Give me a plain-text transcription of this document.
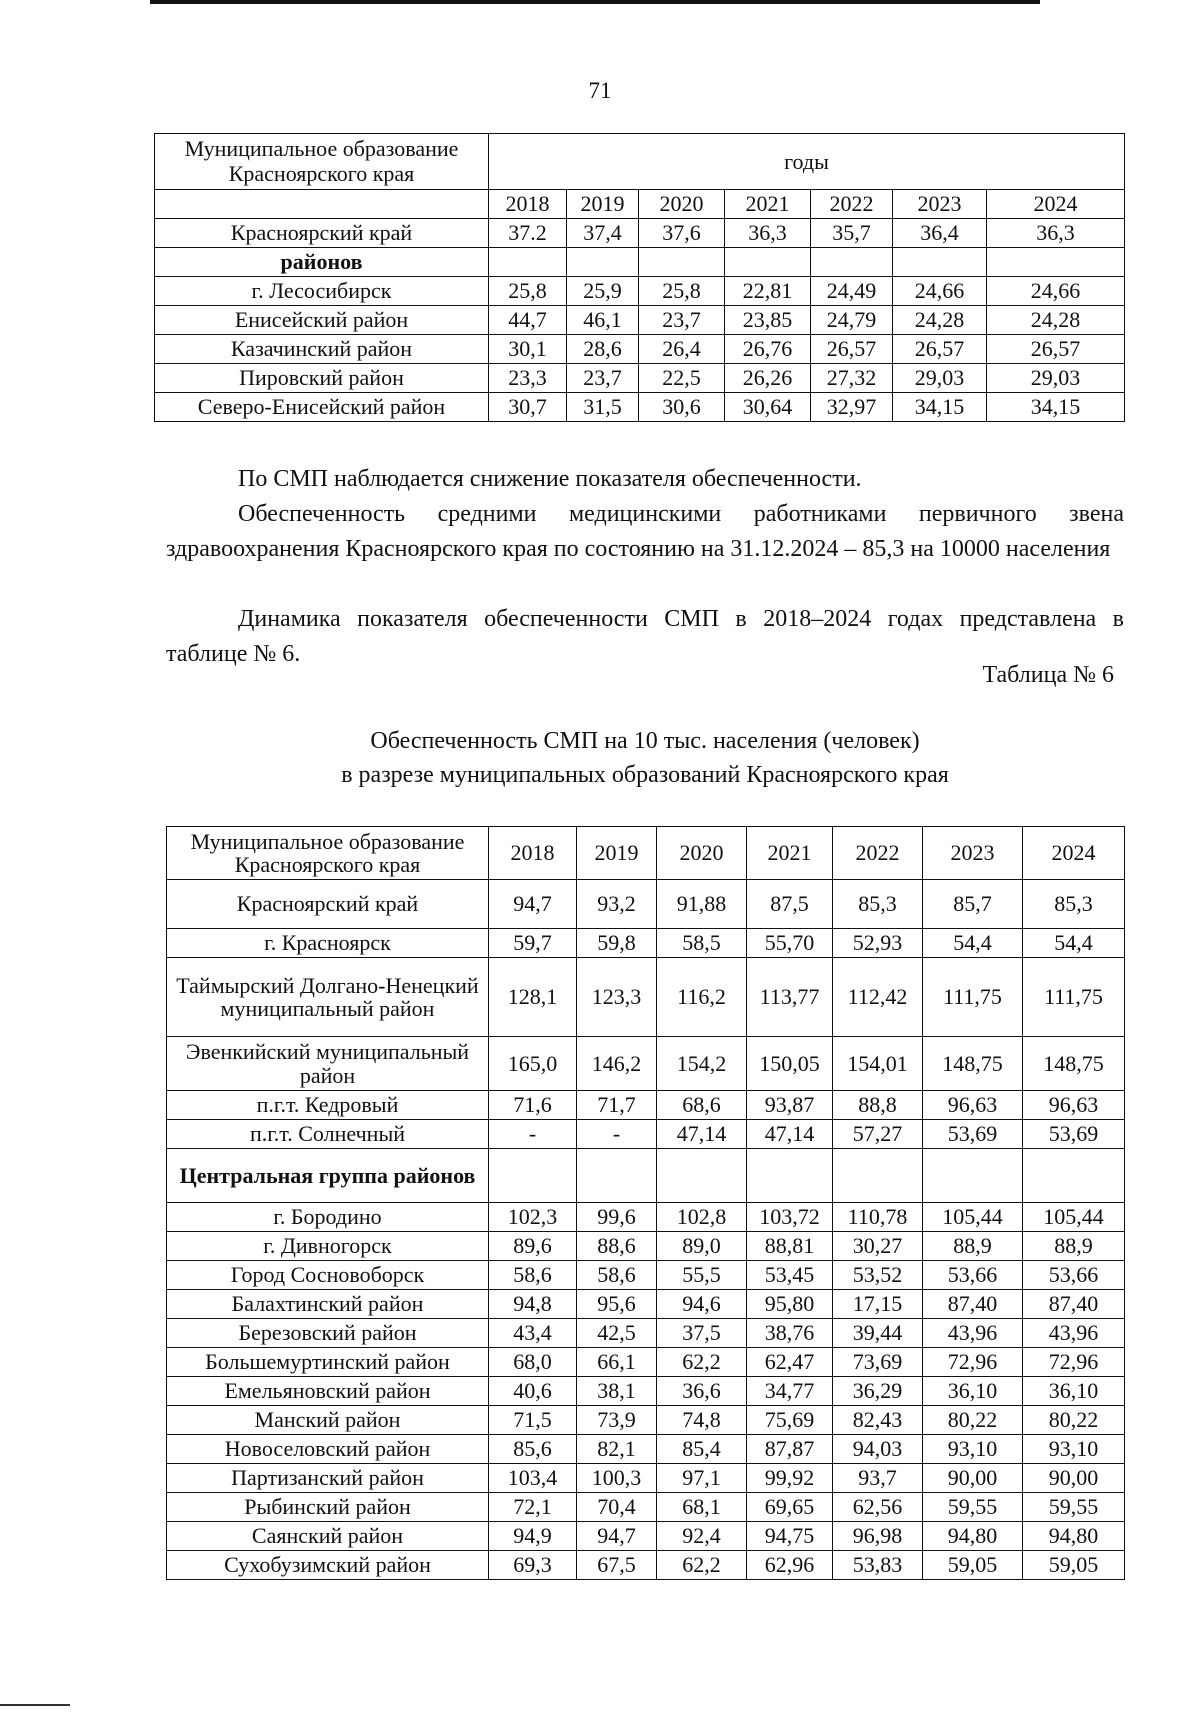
71
Муниципальное образование Красноярского края	годы						
	2018	2019	2020	2021	2022	2023	2024
Красноярский край	37.2	37,4	37,6	36,3	35,7	36,4	36,3
районов							
г. Лесосибирск	25,8	25,9	25,8	22,81	24,49	24,66	24,66
Енисейский район	44,7	46,1	23,7	23,85	24,79	24,28	24,28
Казачинский район	30,1	28,6	26,4	26,76	26,57	26,57	26,57
Пировский район	23,3	23,7	22,5	26,26	27,32	29,03	29,03
Северо-Енисейский район	30,7	31,5	30,6	30,64	32,97	34,15	34,15
По СМП наблюдается снижение показателя обеспеченности.
Обеспеченность средними медицинскими работниками первичного звена здравоохранения Красноярского края по состоянию на 31.12.2024 – 85,3 на 10000 населения
Динамика показателя обеспеченности СМП в 2018–2024 годах представлена в таблице № 6.
Таблица № 6
Обеспеченность СМП на 10 тыс. населения (человек)
в разрезе муниципальных образований Красноярского края
Муниципальное образование Красноярского края	2018	2019	2020	2021	2022	2023	2024
Красноярский край	94,7	93,2	91,88	87,5	85,3	85,7	85,3
г. Красноярск	59,7	59,8	58,5	55,70	52,93	54,4	54,4
Таймырский Долгано-Ненецкий муниципальный район	128,1	123,3	116,2	113,77	112,42	111,75	111,75
Эвенкийский муниципальный район	165,0	146,2	154,2	150,05	154,01	148,75	148,75
п.г.т. Кедровый	71,6	71,7	68,6	93,87	88,8	96,63	96,63
п.г.т. Солнечный	-	-	47,14	47,14	57,27	53,69	53,69
Центральная группа районов							
г. Бородино	102,3	99,6	102,8	103,72	110,78	105,44	105,44
г. Дивногорск	89,6	88,6	89,0	88,81	30,27	88,9	88,9
Город Сосновоборск	58,6	58,6	55,5	53,45	53,52	53,66	53,66
Балахтинский район	94,8	95,6	94,6	95,80	17,15	87,40	87,40
Березовский район	43,4	42,5	37,5	38,76	39,44	43,96	43,96
Большемуртинский район	68,0	66,1	62,2	62,47	73,69	72,96	72,96
Емельяновский район	40,6	38,1	36,6	34,77	36,29	36,10	36,10
Манский район	71,5	73,9	74,8	75,69	82,43	80,22	80,22
Новоселовский район	85,6	82,1	85,4	87,87	94,03	93,10	93,10
Партизанский район	103,4	100,3	97,1	99,92	93,7	90,00	90,00
Рыбинский район	72,1	70,4	68,1	69,65	62,56	59,55	59,55
Саянский район	94,9	94,7	92,4	94,75	96,98	94,80	94,80
Сухобузимский район	69,3	67,5	62,2	62,96	53,83	59,05	59,05
